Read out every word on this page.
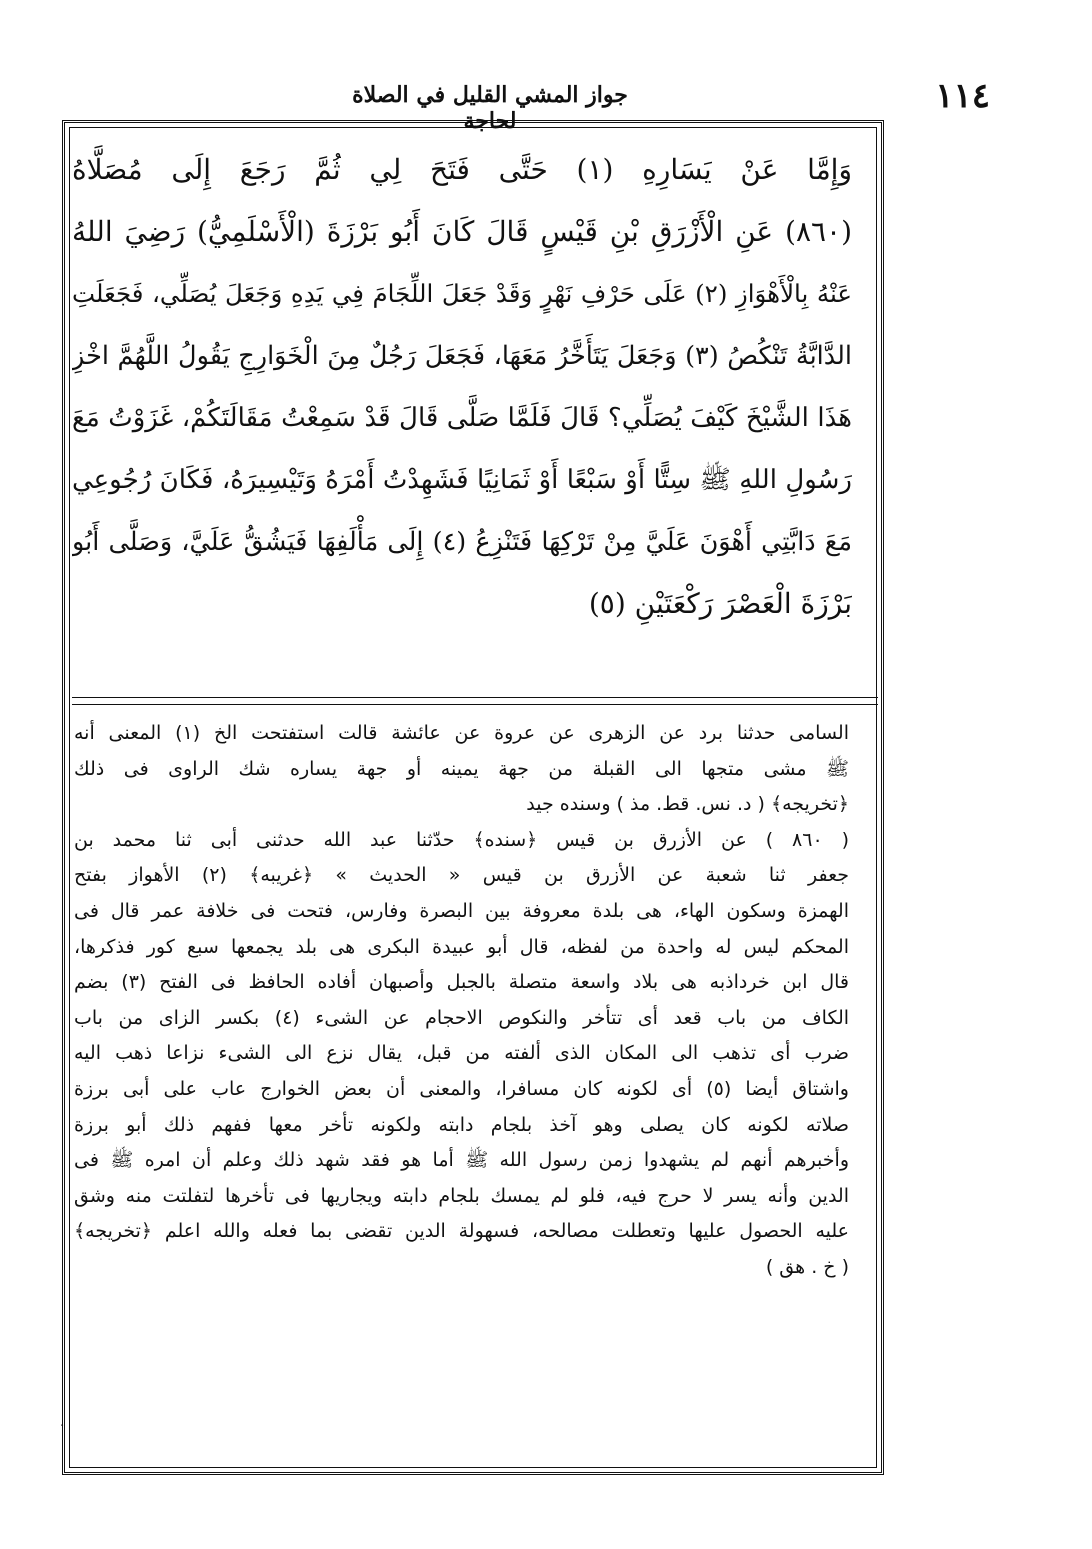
١١٤
جواز المشي القليل في الصلاة لحاجة
وَإِمَّا عَنْ يَسَارِهِ (١) حَتَّى فَتَحَ لِي ثُمَّ رَجَعَ إِلَى مُصَلَّاهُ
(٨٦٠) عَنِ الْأَزْرَقِ بْنِ قَيْسٍ قَالَ كَانَ أَبُو بَرْزَةَ (الْأَسْلَمِيُّ) رَضِيَ اللهُ
عَنْهُ بِالْأَهْوَازِ (٢) عَلَى حَرْفِ نَهْرٍ وَقَدْ جَعَلَ اللِّجَامَ فِي يَدِهِ وَجَعَلَ يُصَلِّي، فَجَعَلَتِ
الدَّابَّةُ تَنْكُصُ (٣) وَجَعَلَ يَتَأَخَّرُ مَعَهَا، فَجَعَلَ رَجُلٌ مِنَ الْخَوَارِجِ يَقُولُ اللَّهُمَّ اخْزِ
هَذَا الشَّيْخَ كَيْفَ يُصَلِّي؟ قَالَ فَلَمَّا صَلَّى قَالَ قَدْ سَمِعْتُ مَقَالَتَكُمْ، غَزَوْتُ مَعَ
رَسُولِ اللهِ ﷺ سِتًّا أَوْ سَبْعًا أَوْ ثَمَانِيًا فَشَهِدْتُ أَمْرَهُ وَتَيْسِيرَهُ، فَكَانَ رُجُوعِي
مَعَ دَابَّتِي أَهْوَنَ عَلَيَّ مِنْ تَرْكِهَا فَتَنْزِعُ (٤) إِلَى مَأْلَفِهَا فَيَشُقُّ عَلَيَّ، وَصَلَّى أَبُو
بَرْزَةَ الْعَصْرَ رَكْعَتَيْنِ (٥)
السامى حدثنا برد عن الزهرى عن عروة عن عائشة قالت استفتحت الخ (١) المعنى أنه
ﷺ مشى متجها الى القبلة من جهة يمينه أو جهة يساره شك الراوى فى ذلك
﴿تخريجه﴾ ( د. نس. قط. مذ ) وسنده جيد
( ٨٦٠ ) عن الأزرق بن قيس ﴿سنده﴾ حدّثنا عبد الله حدثنى أبى ثنا محمد بن
جعفر ثنا شعبة عن الأزرق بن قيس « الحديث » ﴿غريبه﴾ (٢) الأهواز بفتح
الهمزة وسكون الهاء، هى بلدة معروفة بين البصرة وفارس، فتحت فى خلافة عمر قال فى
المحكم ليس له واحدة من لفظه، قال أبو عبيدة البكرى هى بلد يجمعها سبع كور فذكرها،
قال ابن خرداذبه هى بلاد واسعة متصلة بالجبل وأصبهان أفاده الحافظ فى الفتح (٣) بضم
الكاف من باب قعد أى تتأخر والنكوص الاحجام عن الشىء (٤) بكسر الزاى من باب
ضرب أى تذهب الى المكان الذى ألفته من قبل، يقال نزع الى الشىء نزاعا ذهب اليه
واشتاق أيضا (٥) أى لكونه كان مسافرا، والمعنى أن بعض الخوارج عاب على أبى برزة
صلاته لكونه كان يصلى وهو آخذ بلجام دابته ولكونه تأخر معها ففهم ذلك أبو برزة
وأخبرهم أنهم لم يشهدوا زمن رسول الله ﷺ أما هو فقد شهد ذلك وعلم أن امره ﷺ فى
الدين وأنه يسر لا حرج فيه، فلو لم يمسك بلجام دابته ويجاريها فى تأخرها لتفلتت منه وشق
عليه الحصول عليها وتعطلت مصالحه، فسهولة الدين تقضى بما فعله والله اعلم ﴿تخريجه﴾
( خ . هق )
·
